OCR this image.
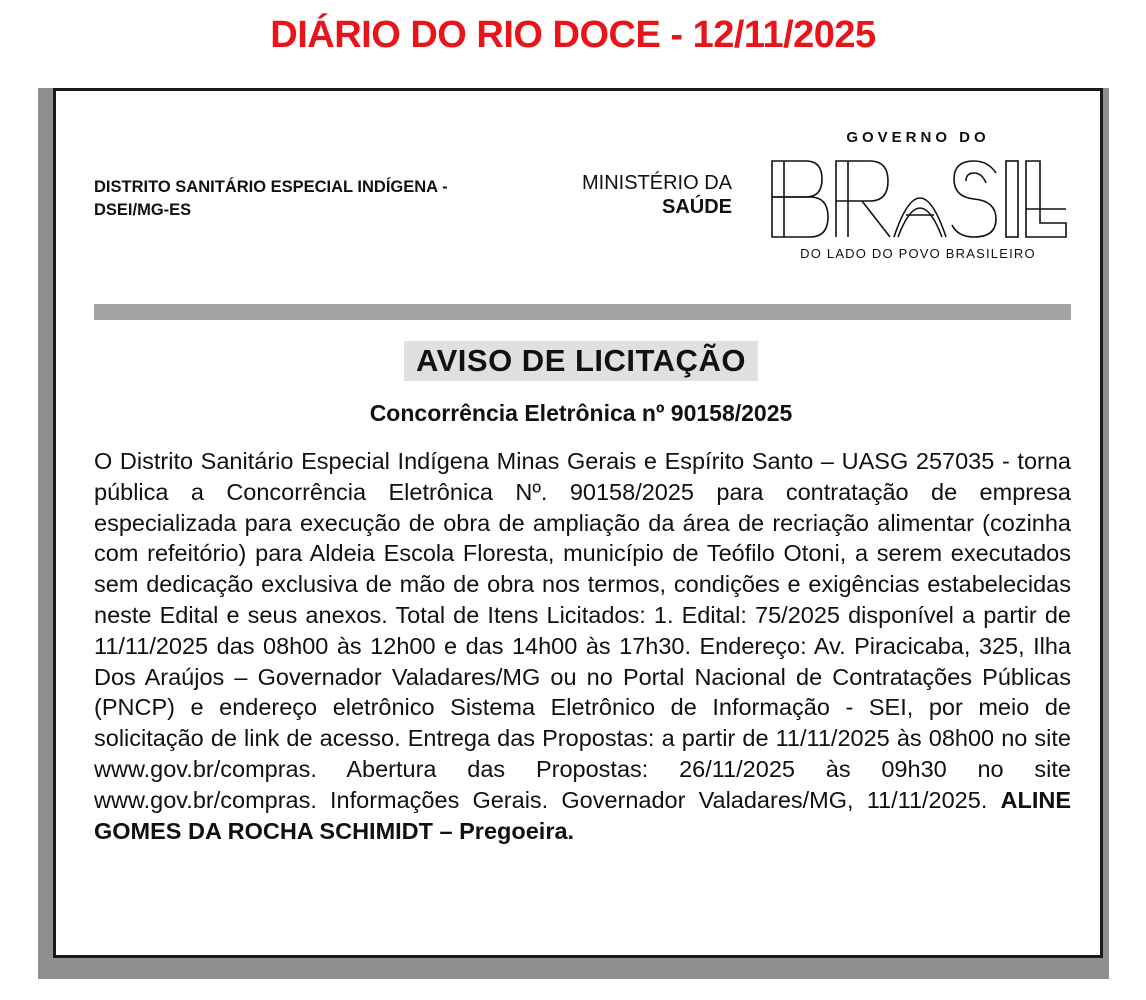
DIÁRIO DO RIO DOCE - 12/11/2025
DISTRITO SANITÁRIO ESPECIAL INDÍGENA - DSEI/MG-ES
MINISTÉRIO DA
SAÚDE
GOVERNO DO
DO LADO DO POVO BRASILEIRO
AVISO DE LICITAÇÃO
Concorrência Eletrônica nº 90158/2025
O Distrito Sanitário Especial Indígena Minas Gerais e Espírito Santo – UASG 257035 - torna pública a Concorrência Eletrônica Nº. 90158/2025 para contratação de empresa especializada para execução de obra de ampliação da área de recriação alimentar (cozinha com refeitório) para Aldeia Escola Floresta, município de Teófilo Otoni, a serem executados sem dedicação exclusiva de mão de obra nos termos, condições e exigências estabelecidas neste Edital e seus anexos. Total de Itens Licitados: 1. Edital: 75/2025 disponível a partir de 11/11/2025 das 08h00 às 12h00 e das 14h00 às 17h30. Endereço: Av. Piracicaba, 325, Ilha Dos Araújos – Governador Valadares/MG ou no Portal Nacional de Contratações Públicas (PNCP) e endereço eletrônico Sistema Eletrônico de Informação - SEI, por meio de solicitação de link de acesso. Entrega das Propostas: a partir de 11/11/2025 às 08h00 no site www.gov.br/compras. Abertura das Propostas: 26/11/2025 às 09h30 no site www.gov.br/compras. Informações Gerais. Governador Valadares/MG, 11/11/2025. ALINE GOMES DA ROCHA SCHIMIDT – Pregoeira.
